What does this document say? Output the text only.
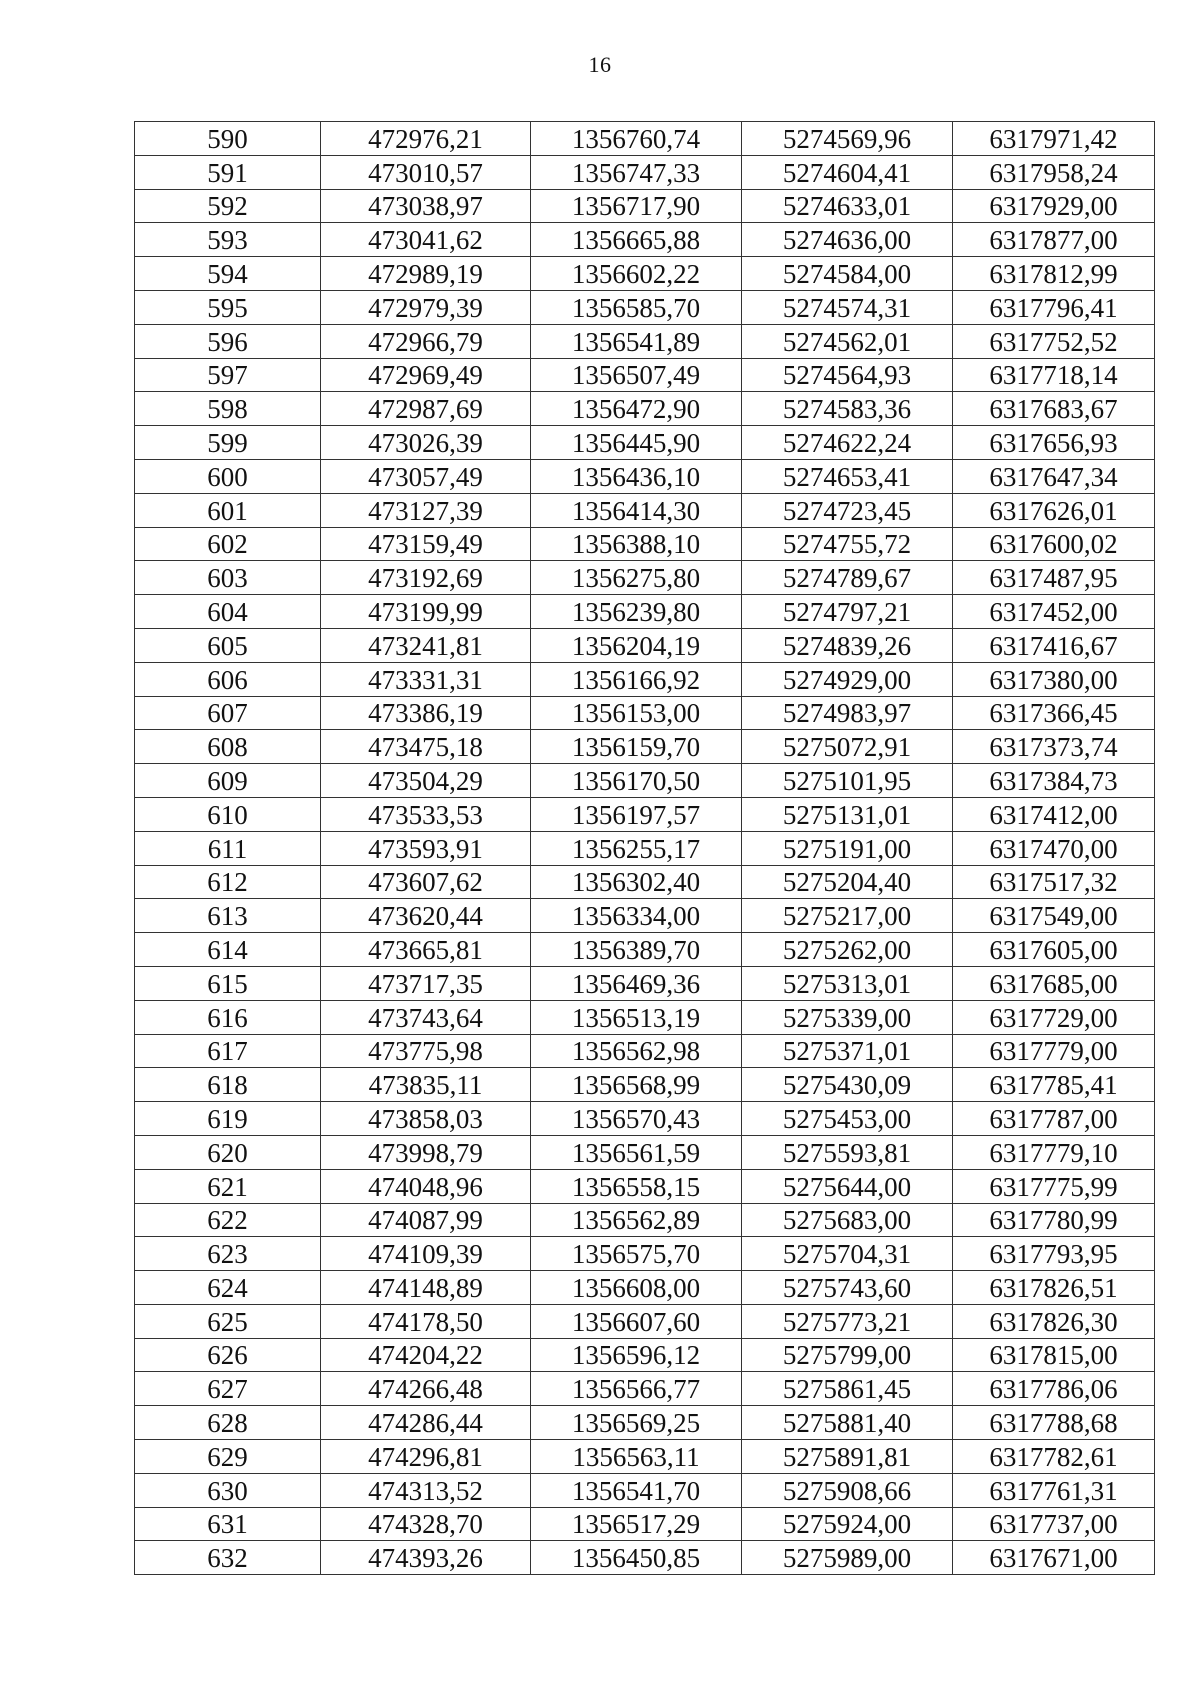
16
590	472976,21	1356760,74	5274569,96	6317971,42
591	473010,57	1356747,33	5274604,41	6317958,24
592	473038,97	1356717,90	5274633,01	6317929,00
593	473041,62	1356665,88	5274636,00	6317877,00
594	472989,19	1356602,22	5274584,00	6317812,99
595	472979,39	1356585,70	5274574,31	6317796,41
596	472966,79	1356541,89	5274562,01	6317752,52
597	472969,49	1356507,49	5274564,93	6317718,14
598	472987,69	1356472,90	5274583,36	6317683,67
599	473026,39	1356445,90	5274622,24	6317656,93
600	473057,49	1356436,10	5274653,41	6317647,34
601	473127,39	1356414,30	5274723,45	6317626,01
602	473159,49	1356388,10	5274755,72	6317600,02
603	473192,69	1356275,80	5274789,67	6317487,95
604	473199,99	1356239,80	5274797,21	6317452,00
605	473241,81	1356204,19	5274839,26	6317416,67
606	473331,31	1356166,92	5274929,00	6317380,00
607	473386,19	1356153,00	5274983,97	6317366,45
608	473475,18	1356159,70	5275072,91	6317373,74
609	473504,29	1356170,50	5275101,95	6317384,73
610	473533,53	1356197,57	5275131,01	6317412,00
611	473593,91	1356255,17	5275191,00	6317470,00
612	473607,62	1356302,40	5275204,40	6317517,32
613	473620,44	1356334,00	5275217,00	6317549,00
614	473665,81	1356389,70	5275262,00	6317605,00
615	473717,35	1356469,36	5275313,01	6317685,00
616	473743,64	1356513,19	5275339,00	6317729,00
617	473775,98	1356562,98	5275371,01	6317779,00
618	473835,11	1356568,99	5275430,09	6317785,41
619	473858,03	1356570,43	5275453,00	6317787,00
620	473998,79	1356561,59	5275593,81	6317779,10
621	474048,96	1356558,15	5275644,00	6317775,99
622	474087,99	1356562,89	5275683,00	6317780,99
623	474109,39	1356575,70	5275704,31	6317793,95
624	474148,89	1356608,00	5275743,60	6317826,51
625	474178,50	1356607,60	5275773,21	6317826,30
626	474204,22	1356596,12	5275799,00	6317815,00
627	474266,48	1356566,77	5275861,45	6317786,06
628	474286,44	1356569,25	5275881,40	6317788,68
629	474296,81	1356563,11	5275891,81	6317782,61
630	474313,52	1356541,70	5275908,66	6317761,31
631	474328,70	1356517,29	5275924,00	6317737,00
632	474393,26	1356450,85	5275989,00	6317671,00
